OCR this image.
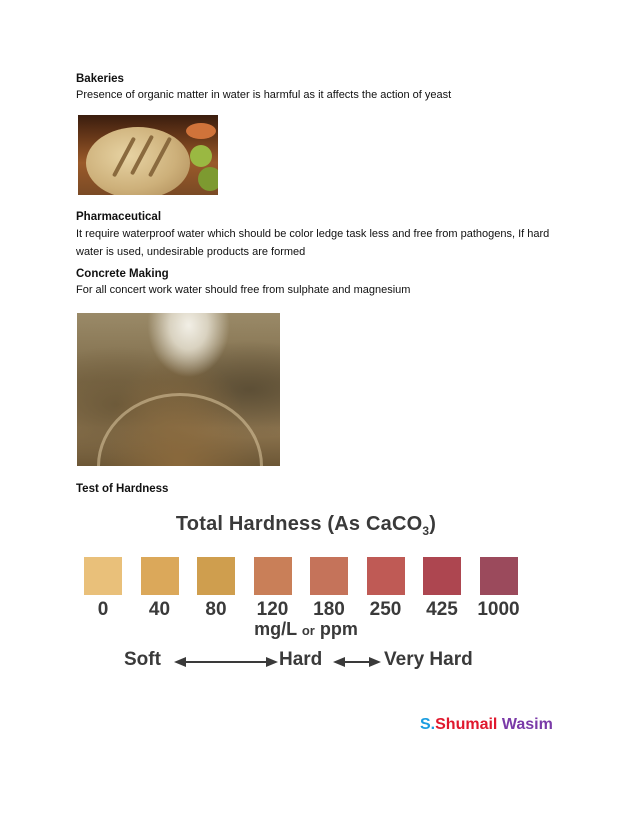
Bakeries
Presence of organic matter in water is harmful as it affects the action of yeast
Pharmaceutical
It require waterproof water which should be color ledge task less and free from pathogens, If hard water is used, undesirable products are formed
Concrete Making
For all concert work water should free from sulphate and magnesium
Test of Hardness
Total Hardness (As CaCO$_3$)
mg/L or ppm
Soft	Hard	Very Hard
0	40	80	120	180	250	425	1000
S.Shumail Wasim
